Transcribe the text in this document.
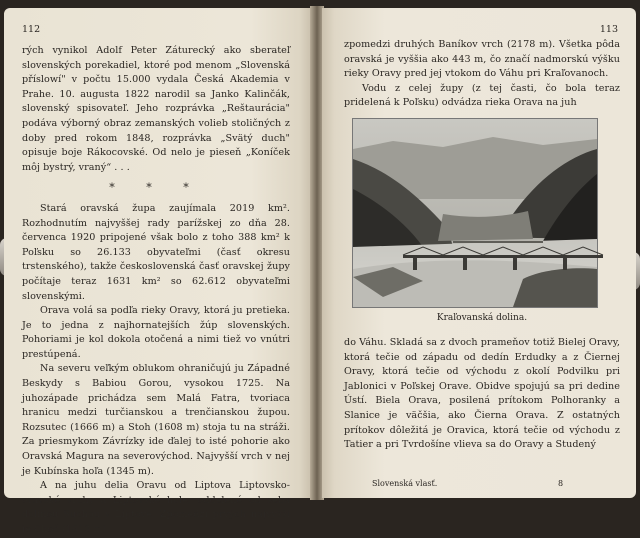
112

rých vynikol Adolf Peter Záturecký ako sberateľ slovenských porekadiel, ktoré pod menom „Slovenská příslowí" v počtu 15.000 vydala Česká Akademia v Prahe. 10. augusta 1822 narodil sa Janko Kalinčák, slovenský spisovateľ. Jeho rozprávka „Reštaurácia" podáva výborný obraz zemanských volieb stoličných z doby pred rokom 1848, rozprávka „Svätý duch" opisuje boje Rákocovské. Od nelo je pieseň „Koníček môj bystrý, vraný“ . . .

* * *

Stará oravská župa zaujímala 2019 km². Rozhodnutím najvyššej rady parížskej zo dňa 28. červenca 1920 pripojené však bolo z toho 388 km² k Poľsku so 26.133 obyvateľmi (časť okresu trstenského), takže československá časť oravskej župy počítaje teraz 1631 km² so 62.612 obyvateľmi slovenskými.

Orava volá sa podľa rieky Oravy, ktorá ju pretieka. Je to jedna z najhornatejších žúp slovenských. Pohoriami je kol dokola otočená a nimi tiež vo vnútri prestúpená.

Na severu veľkým oblukom ohraničujú ju Západné Beskydy s Babiou Gorou, vysokou 1725. Na juhozápade prichádza sem Malá Fatra, tvoriaca hranicu medzi turčianskou a trenčianskou župou. Rozsutec (1666 m) a Stoh (1608 m) stoja tu na stráži. Za priesmykom Závrízky ide ďalej to isté pohorie ako Oravská Magura na severovýchod. Najvyšší vrch v nej je Kubínska hoľa (1345 m).

A na juhu delia Oravu od Liptova Liptovsko-oravské vrchy a Liptovské hole, oddelené od seba dolinou Suchou v Liptove. Zpomedzi prvých najvyšší je Choč (1613 m),

113

zpomedzi druhých Baníkov vrch (2178 m). Všetka pôda oravská je vyššia ako 443 m, čo značí nadmorskú výšku rieky Oravy pred jej vtokom do Váhu pri Kraľovanoch.

Vodu z celej župy (z tej časti, čo bola teraz pridelená k Poľsku) odvádza rieka Orava na juh

Kraľovanská dolina.

do Váhu. Skladá sa z dvoch prameňov totiž Bielej Oravy, ktorá tečie od západu od dedín Erdudky a z Čiernej Oravy, ktorá tečie od východu z okolí Podvilku pri Jablonici v Poľskej Orave. Obidve spojujú sa pri dedine Ústí. Biela Orava, posilená prítokom Polhoranky a Slanice je väčšia, ako Čierna Orava. Z ostatných prítokov dôležitá je Oravica, ktorá tečie od východu z Tatier a pri Tvrdošíne vlieva sa do Oravy a Studený

Slovenská vlasť.	8
